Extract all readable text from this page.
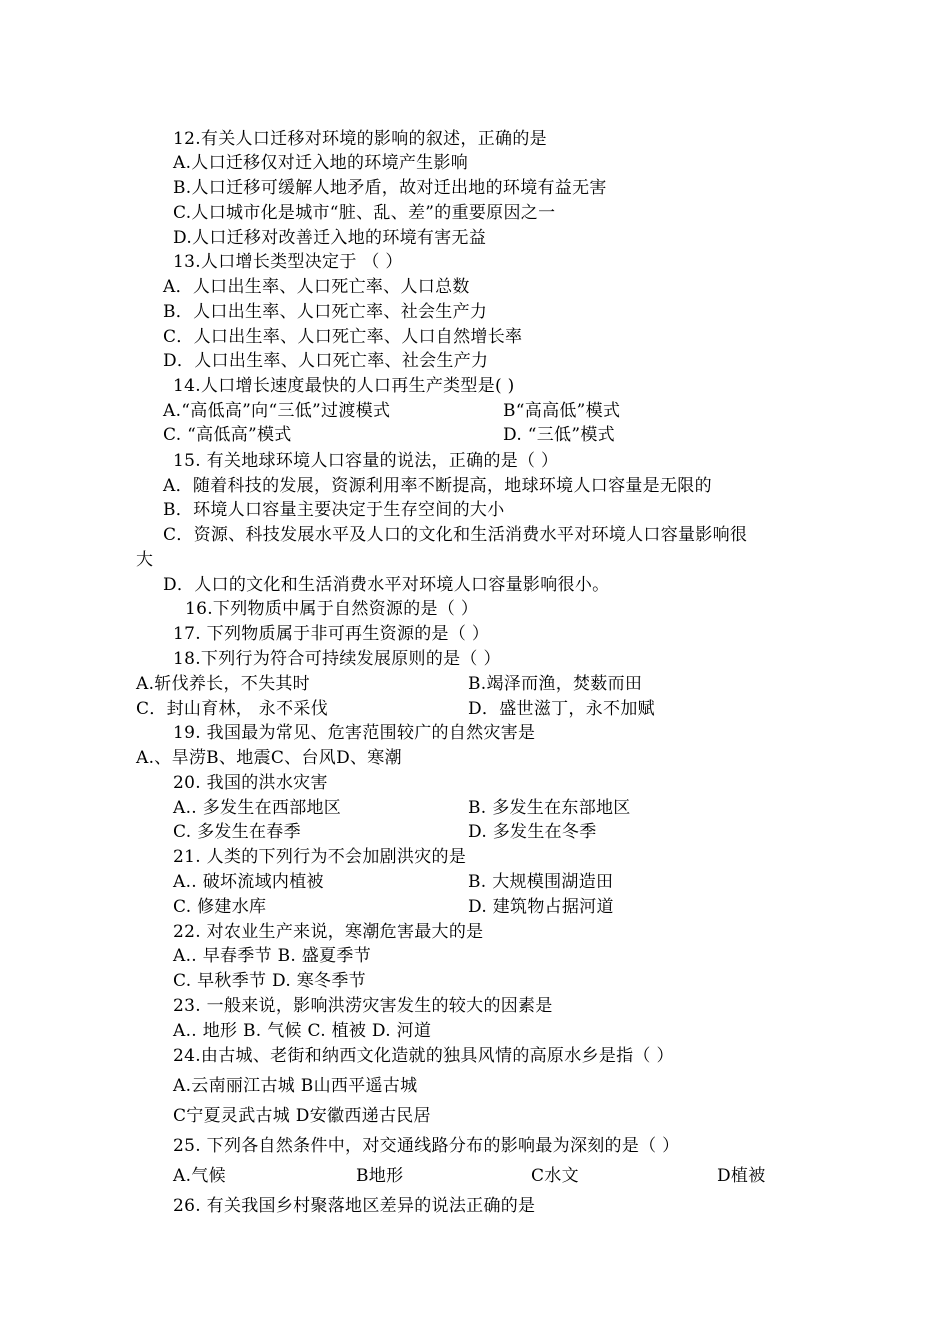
12.有关人口迁移对环境的影响的叙述，正确的是
A.人口迁移仅对迁入地的环境产生影响
B.人口迁移可缓解人地矛盾，故对迁出地的环境有益无害
C.人口城市化是城市“脏、乱、差”的重要原因之一
D.人口迁移对改善迁入地的环境有害无益
13.人口增长类型决定于 （ ）
A．人口出生率、人口死亡率、人口总数
B．人口出生率、人口死亡率、社会生产力
C．人口出生率、人口死亡率、人口自然增长率
D．人口出生率、人口死亡率、社会生产力
14.人口增长速度最快的人口再生产类型是( )
A.“高低高”向“三低”过渡模式	B“高高低”模式
C. “高低高”模式	D. “三低”模式
15. 有关地球环境人口容量的说法，正确的是（ ）
A．随着科技的发展，资源利用率不断提高，地球环境人口容量是无限的
B．环境人口容量主要决定于生存空间的大小
C．资源、科技发展水平及人口的文化和生活消费水平对环境人口容量影响很
大
D．人口的文化和生活消费水平对环境人口容量影响很小。
16.下列物质中属于自然资源的是（ ）
17. 下列物质属于非可再生资源的是（ ）
18.下列行为符合可持续发展原则的是（ ）
A.斩伐养长，不失其时	B.竭泽而渔，焚薮而田
C．封山育林， 永不采伐	D．盛世滋丁，永不加赋
19. 我国最为常见、危害范围较广的自然灾害是
A.、旱涝B、地震C、台风D、寒潮
20. 我国的洪水灾害
A.. 多发生在西部地区	B. 多发生在东部地区
C. 多发生在春季	D. 多发生在冬季
21. 人类的下列行为不会加剧洪灾的是
A.. 破坏流域内植被	B. 大规模围湖造田
C. 修建水库	D. 建筑物占据河道
22. 对农业生产来说，寒潮危害最大的是
A.. 早春季节 B. 盛夏季节
C. 早秋季节 D. 寒冬季节
23. 一般来说，影响洪涝灾害发生的较大的因素是
A.. 地形 B. 气候 C. 植被 D. 河道
24.由古城、老街和纳西文化造就的独具风情的高原水乡是指（ ）
A.云南丽江古城 B山西平遥古城
C宁夏灵武古城 D安徽西递古民居
25. 下列各自然条件中，对交通线路分布的影响最为深刻的是（ ）
A.气候	B地形	C水文	D植被
26. 有关我国乡村聚落地区差异的说法正确的是
